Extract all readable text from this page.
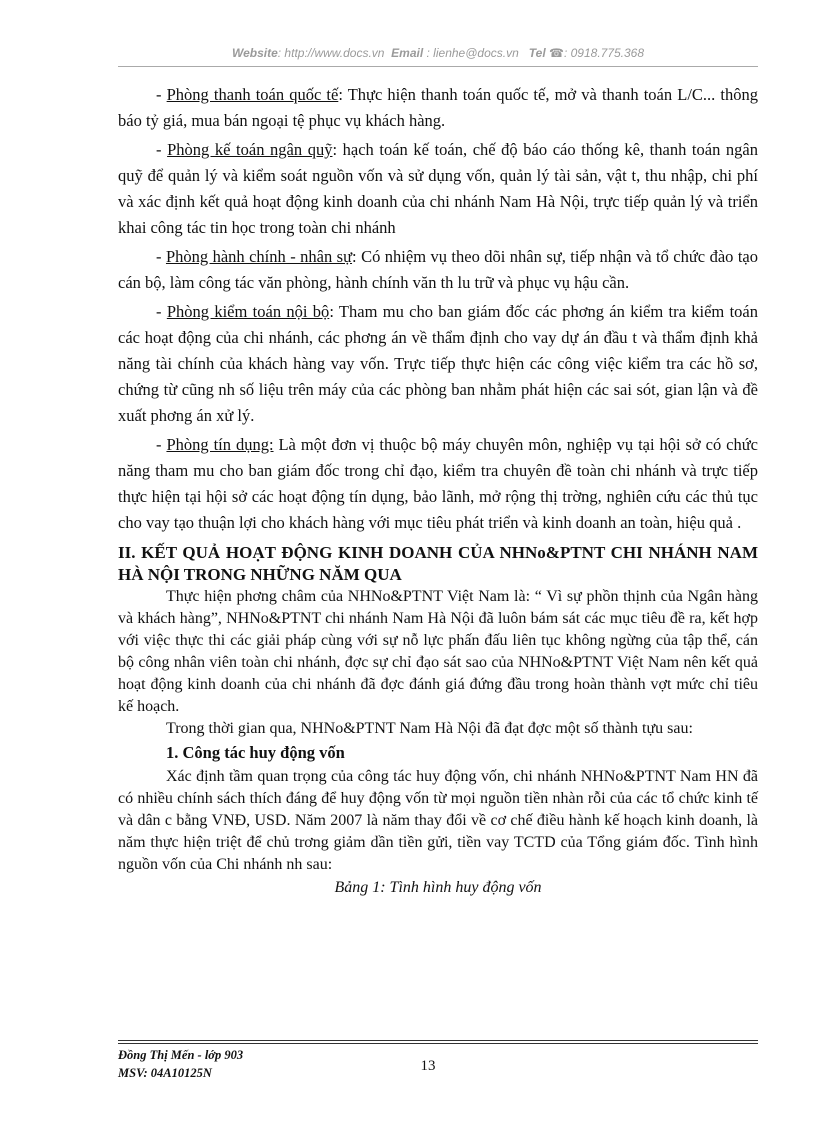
Website: http://www.docs.vn Email : lienhe@docs.vn Tel ☎: 0918.775.368

- Phòng thanh toán quốc tế: Thực hiện thanh toán quốc tế, mở và thanh toán L/C... thông báo tỷ giá, mua bán ngoại tệ phục vụ khách hàng.

- Phòng kế toán ngân quỹ: hạch toán kế toán, chế độ báo cáo thống kê, thanh toán ngân quỹ để quản lý và kiểm soát nguồn vốn và sử dụng vốn, quản lý tài sản, vật t, thu nhập, chi phí và xác định kết quả hoạt động kinh doanh của chi nhánh Nam Hà Nội, trực tiếp quản lý và triển khai công tác tin học trong toàn chi nhánh

- Phòng hành chính - nhân sự: Có nhiệm vụ theo dõi nhân sự, tiếp nhận và tổ chức đào tạo cán bộ, làm công tác văn phòng, hành chính văn th lu trữ và phục vụ hậu cần.

- Phòng kiểm toán nội bộ: Tham mu cho ban giám đốc các phơng án kiểm tra kiểm toán các hoạt động của chi nhánh, các phơng án về thẩm định cho vay dự án đầu t và thẩm định khả năng tài chính của khách hàng vay vốn. Trực tiếp thực hiện các công việc kiểm tra các hồ sơ, chứng từ cũng nh số liệu trên máy của các phòng ban nhằm phát hiện các sai sót, gian lận và đề xuất phơng án xử lý.

- Phòng tín dụng: Là một đơn vị thuộc bộ máy chuyên môn, nghiệp vụ tại hội sở có chức năng tham mu cho ban giám đốc trong chỉ đạo, kiểm tra chuyên đề toàn chi nhánh và trực tiếp thực hiện tại hội sở các hoạt động tín dụng, bảo lãnh, mở rộng thị trờng, nghiên cứu các thủ tục cho vay tạo thuận lợi cho khách hàng với mục tiêu phát triển và kinh doanh an toàn, hiệu quả .

II. KẾT QUẢ HOẠT ĐỘNG KINH DOANH CỦA NHNo&PTNT CHI NHÁNH NAM HÀ NỘI TRONG NHỮNG NĂM QUA

Thực hiện phơng châm của NHNo&PTNT Việt Nam là: “ Vì sự phồn thịnh của Ngân hàng và khách hàng”, NHNo&PTNT chi nhánh Nam Hà Nội đã luôn bám sát các mục tiêu đề ra, kết hợp với việc thực thi các giải pháp cùng với sự nỗ lực phấn đấu liên tục không ngừng của tập thể, cán bộ công nhân viên toàn chi nhánh, đợc sự chỉ đạo sát sao của NHNo&PTNT Việt Nam nên kết quả hoạt động kinh doanh của chi nhánh đã đợc đánh giá đứng đầu trong hoàn thành vợt mức chỉ tiêu kế hoạch.

Trong thời gian qua, NHNo&PTNT Nam Hà Nội đã đạt đợc một số thành tựu sau:

1. Công tác huy động vốn

Xác định tầm quan trọng của công tác huy động vốn, chi nhánh NHNo&PTNT Nam HN đã có nhiều chính sách thích đáng để huy động vốn từ mọi nguồn tiền nhàn rỗi của các tổ chức kinh tế và dân c bằng VNĐ, USD. Năm 2007 là năm thay đổi về cơ chế điều hành kế hoạch kinh doanh, là năm thực hiện triệt để chủ trơng giảm dần tiền gửi, tiền vay TCTD của Tổng giám đốc. Tình hình nguồn vốn của Chi nhánh nh sau:

Bảng 1: Tình hình huy động vốn

Đồng Thị Mến - lớp 903
MSV: 04A10125N	13
